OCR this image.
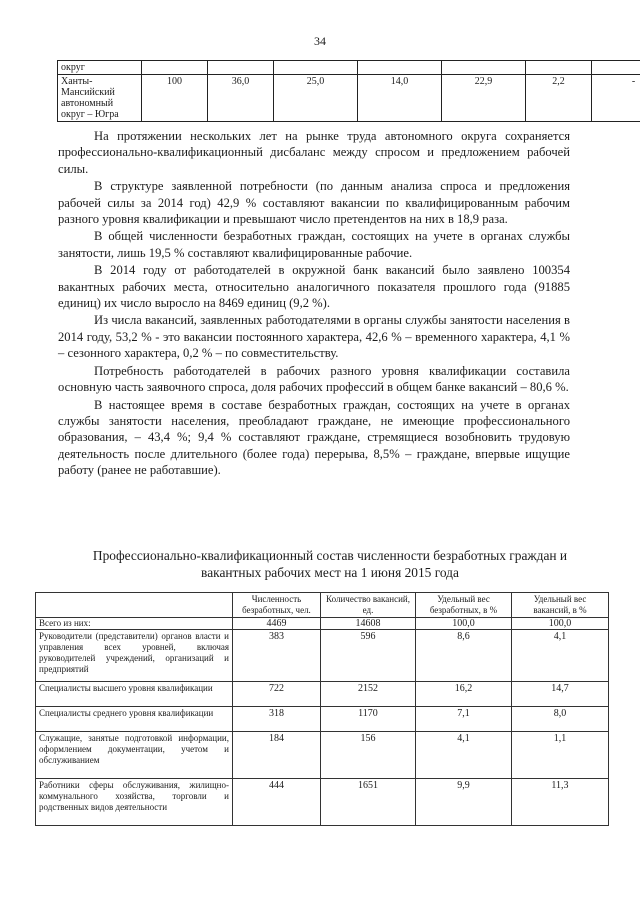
34
округ							
Ханты-Мансийский автономный округ – Югра	100	36,0	25,0	14,0	22,9	2,2	-

На протяжении нескольких лет на рынке труда автономного округа сохраняется профессионально-квалификационный дисбаланс между спросом и предложением рабочей силы.

В структуре заявленной потребности (по данным анализа спроса и предложения рабочей силы за 2014 год) 42,9 % составляют вакансии по квалифицированным рабочим разного уровня квалификации и превышают число претендентов на них в 18,9 раза.

В общей численности безработных граждан, состоящих на учете в органах службы занятости, лишь 19,5 % составляют квалифицированные рабочие.

В 2014 году от работодателей в окружной банк вакансий было заявлено 100354 вакантных рабочих места, относительно аналогичного показателя прошлого года (91885 единиц) их число выросло на 8469 единиц (9,2 %).

Из числа вакансий, заявленных работодателями в органы службы занятости населения в 2014 году, 53,2 % - это вакансии постоянного характера, 42,6 % – временного характера, 4,1 % – сезонного характера, 0,2 % – по совместительству.

Потребность работодателей в рабочих разного уровня квалификации составила основную часть заявочного спроса, доля рабочих профессий в общем банке вакансий – 80,6 %.

В настоящее время в составе безработных граждан, состоящих на учете в органах службы занятости населения, преобладают граждане, не имеющие профессионального образования, – 43,4 %; 9,4 % составляют граждане, стремящиеся возобновить трудовую деятельность после длительного (более года) перерыва, 8,5% – граждане, впервые ищущие работу (ранее не работавшие).

Профессионально-квалификационный состав численности безработных граждан и вакантных рабочих мест на 1 июня 2015 года
	Численность безработных, чел.	Количество вакансий, ед.	Удельный вес безработных, в %	Удельный вес вакансий, в %
Всего из них:	4469	14608	100,0	100,0
Руководители (представители) органов власти и управления всех уровней, включая руководителей учреждений, организаций и предприятий	383	596	8,6	4,1
Специалисты высшего уровня квалификации	722	2152	16,2	14,7
Специалисты среднего уровня квалификации	318	1170	7,1	8,0
Служащие, занятые подготовкой информации, оформлением документации, учетом и обслуживанием	184	156	4,1	1,1
Работники сферы обслуживания, жилищно-коммунального хозяйства, торговли и родственных видов деятельности	444	1651	9,9	11,3
